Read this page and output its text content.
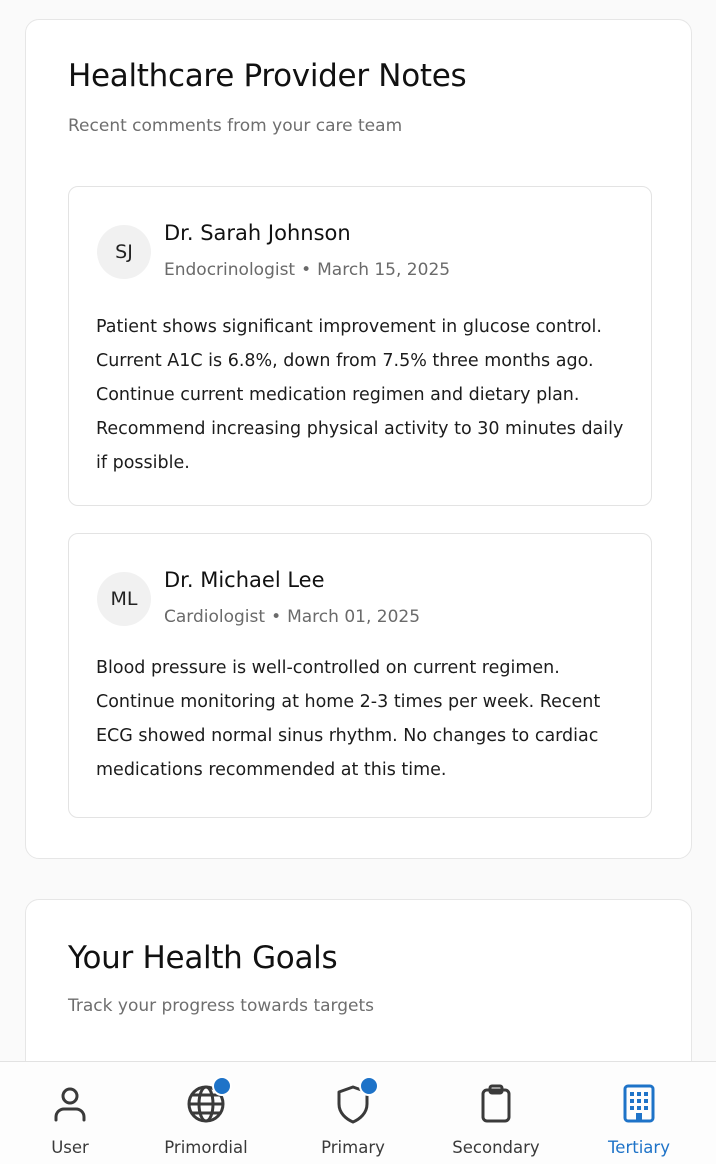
Healthcare Provider Notes

Recent comments from your care team

SJ
Dr. Sarah Johnson
Endocrinologist • March 15, 2025

Patient shows significant improvement in glucose control. Current A1C is 6.8%, down from 7.5% three months ago. Continue current medication regimen and dietary plan. Recommend increasing physical activity to 30 minutes daily if possible.

ML
Dr. Michael Lee
Cardiologist • March 01, 2025

Blood pressure is well-controlled on current regimen. Continue monitoring at home 2-3 times per week. Recent ECG showed normal sinus rhythm. No changes to cardiac medications recommended at this time.

Your Health Goals

Track your progress towards targets

User	Primordial	Primary	Secondary	Tertiary
